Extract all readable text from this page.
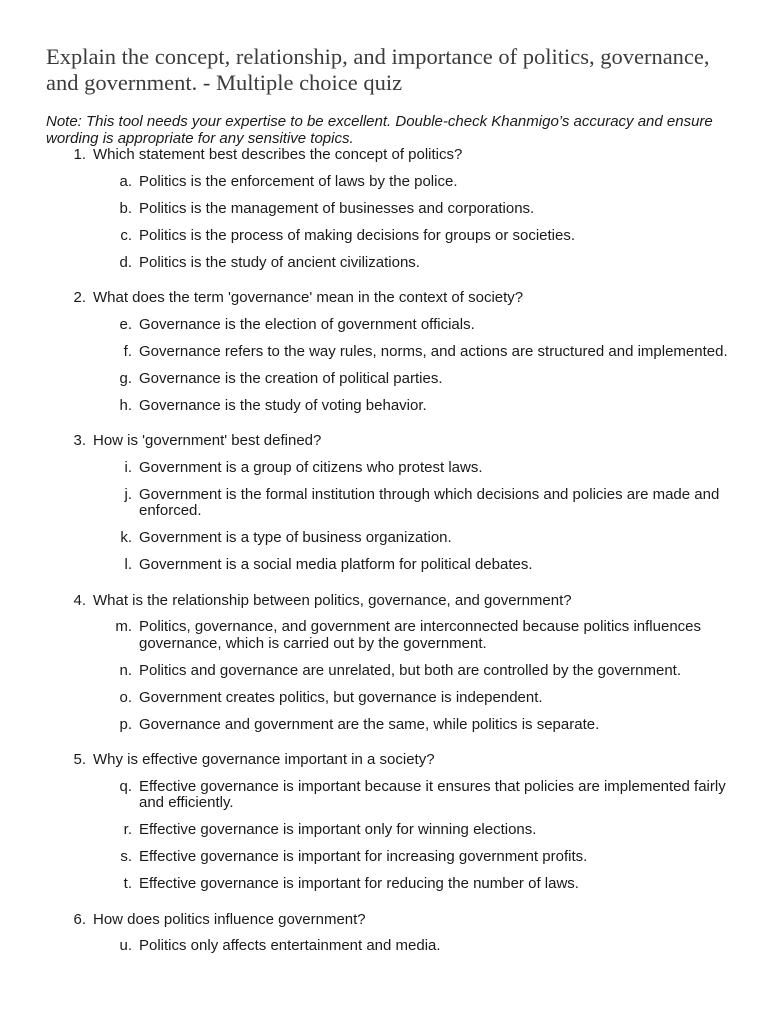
Explain the concept, relationship, and importance of politics, governance, and government. - Multiple choice quiz

Note: This tool needs your expertise to be excellent. Double-check Khanmigo’s accuracy and ensure wording is appropriate for any sensitive topics.

1. Which statement best describes the concept of politics?
a. Politics is the enforcement of laws by the police.
b. Politics is the management of businesses and corporations.
c. Politics is the process of making decisions for groups or societies.
d. Politics is the study of ancient civilizations.
2. What does the term 'governance' mean in the context of society?
e. Governance is the election of government officials.
f. Governance refers to the way rules, norms, and actions are structured and implemented.
g. Governance is the creation of political parties.
h. Governance is the study of voting behavior.
3. How is 'government' best defined?
i. Government is a group of citizens who protest laws.
j. Government is the formal institution through which decisions and policies are made and enforced.
k. Government is a type of business organization.
l. Government is a social media platform for political debates.
4. What is the relationship between politics, governance, and government?
m. Politics, governance, and government are interconnected because politics influences governance, which is carried out by the government.
n. Politics and governance are unrelated, but both are controlled by the government.
o. Government creates politics, but governance is independent.
p. Governance and government are the same, while politics is separate.
5. Why is effective governance important in a society?
q. Effective governance is important because it ensures that policies are implemented fairly and efficiently.
r. Effective governance is important only for winning elections.
s. Effective governance is important for increasing government profits.
t. Effective governance is important for reducing the number of laws.
6. How does politics influence government?
u. Politics only affects entertainment and media.
